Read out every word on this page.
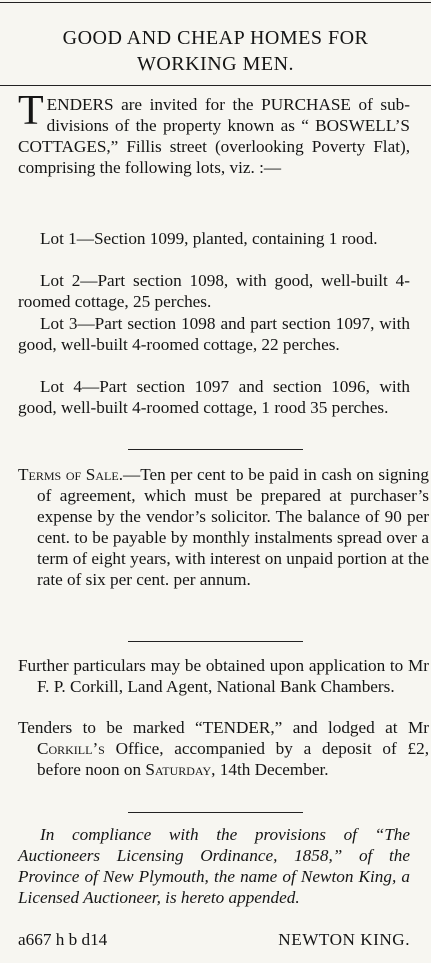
GOOD AND CHEAP HOMES FOR
WORKING MEN.
TENDERS are invited for the PURCHASE of sub-divisions of the property known as “ BOSWELL’S COTTAGES,” Fillis street (overlooking Poverty Flat), comprising the following lots, viz. :—
Lot 1—Section 1099, planted, containing 1 rood.
Lot 2—Part section 1098, with good, well-built 4-roomed cottage, 25 perches.
Lot 3—Part section 1098 and part section 1097, with good, well-built 4-roomed cottage, 22 perches.
Lot 4—Part section 1097 and section 1096, with good, well-built 4-roomed cottage, 1 rood 35 perches.
Terms of Sale.—Ten per cent to be paid in cash on signing of agreement, which must be prepared at purchaser’s expense by the vendor’s solicitor. The balance of 90 per cent. to be payable by monthly instalments spread over a term of eight years, with interest on unpaid portion at the rate of six per cent. per annum.
Further particulars may be obtained upon application to Mr F. P. Corkill, Land Agent, National Bank Chambers.
Tenders to be marked “TENDER,” and lodged at Mr Corkill’s Office, accompanied by a deposit of £2, before noon on Saturday, 14th December.
In compliance with the provisions of “The Auctioneers Licensing Ordinance, 1858,” of the Province of New Plymouth, the name of Newton King, a Licensed Auctioneer, is hereto appended.
a667 h b d14	NEWTON KING.
